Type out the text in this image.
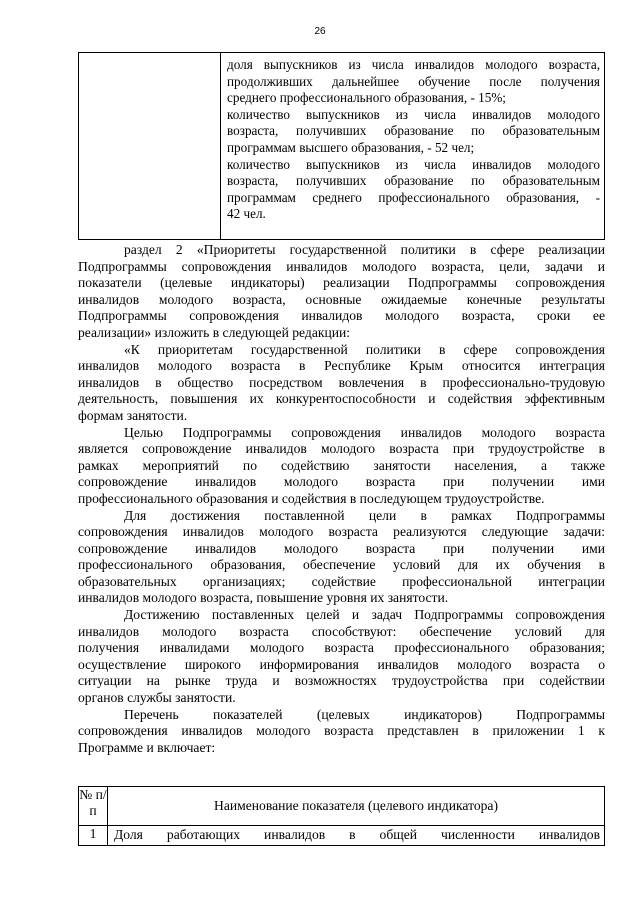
26

доля выпускников из числа инвалидов молодого возраста,
продолживших дальнейшее обучение после получения
среднего профессионального образования, - 15%;
количество выпускников из числа инвалидов молодого
возраста, получивших образование по образовательным
программам высшего образования, - 52 чел;
количество выпускников из числа инвалидов молодого
возраста, получивших образование по образовательным
программам среднего профессионального образования, -
42 чел.
раздел 2 «Приоритеты государственной политики в сфере реализации
Подпрограммы сопровождения инвалидов молодого возраста, цели, задачи и
показатели (целевые индикаторы) реализации Подпрограммы сопровождения
инвалидов молодого возраста, основные ожидаемые конечные результаты
Подпрограммы сопровождения инвалидов молодого возраста, сроки ее
реализации» изложить в следующей редакции:
«К приоритетам государственной политики в сфере сопровождения
инвалидов молодого возраста в Республике Крым относится интеграция
инвалидов в общество посредством вовлечения в профессионально-трудовую
деятельность, повышения их конкурентоспособности и содействия эффективным
формам занятости.
Целью Подпрограммы сопровождения инвалидов молодого возраста
является сопровождение инвалидов молодого возраста при трудоустройстве в
рамках мероприятий по содействию занятости населения, а также
сопровождение инвалидов молодого возраста при получении ими
профессионального образования и содействия в последующем трудоустройстве.
Для достижения поставленной цели в рамках Подпрограммы
сопровождения инвалидов молодого возраста реализуются следующие задачи:
сопровождение инвалидов молодого возраста при получении ими
профессионального образования, обеспечение условий для их обучения в
образовательных организациях; содействие профессиональной интеграции
инвалидов молодого возраста, повышение уровня их занятости.
Достижению поставленных целей и задач Подпрограммы сопровождения
инвалидов молодого возраста способствуют: обеспечение условий для
получения инвалидами молодого возраста профессионального образования;
осуществление широкого информирования инвалидов молодого возраста о
ситуации на рынке труда и возможностях трудоустройства при содействии
органов службы занятости.
Перечень показателей (целевых индикаторов) Подпрограммы
сопровождения инвалидов молодого возраста представлен в приложении 1 к
Программе и включает:
№ п/п	Наименование показателя (целевого индикатора)
1	Доля работающих инвалидов в общей численности инвалидов
